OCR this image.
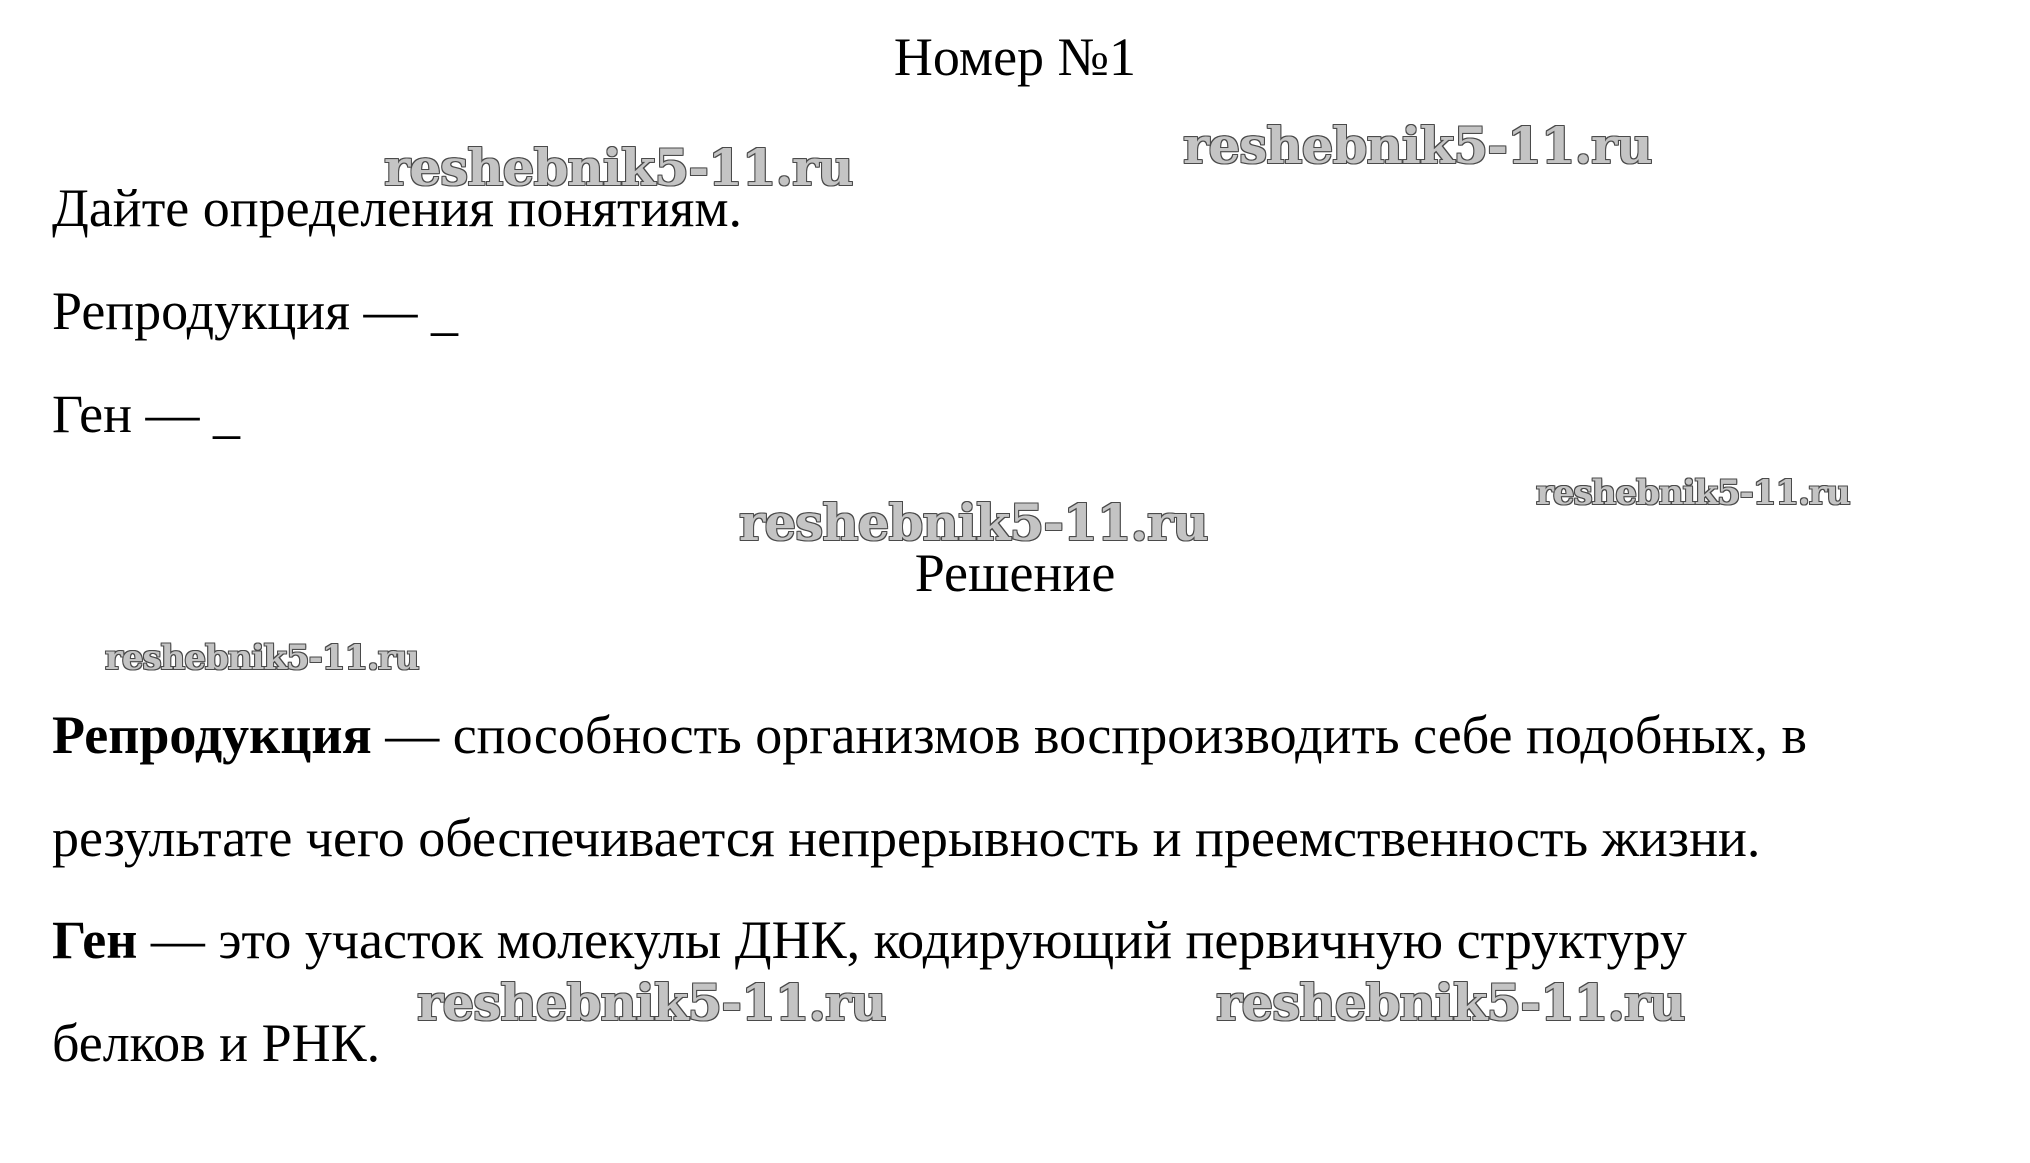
Номер №1
Дайте определения понятиям.
Репродукция — _
Ген — _
Решение
Репродукция — способность организмов воспроизводить себе подобных, в
результате чего обеспечивается непрерывность и преемственность жизни.
Ген — это участок молекулы ДНК, кодирующий первичную структуру
белков и РНК.
reshebnik5-11.ru	reshebnik5-11.ru
reshebnik5-11.ru	reshebnik5-11.ru
reshebnik5-11.ru
reshebnik5-11.ru	reshebnik5-11.ru
